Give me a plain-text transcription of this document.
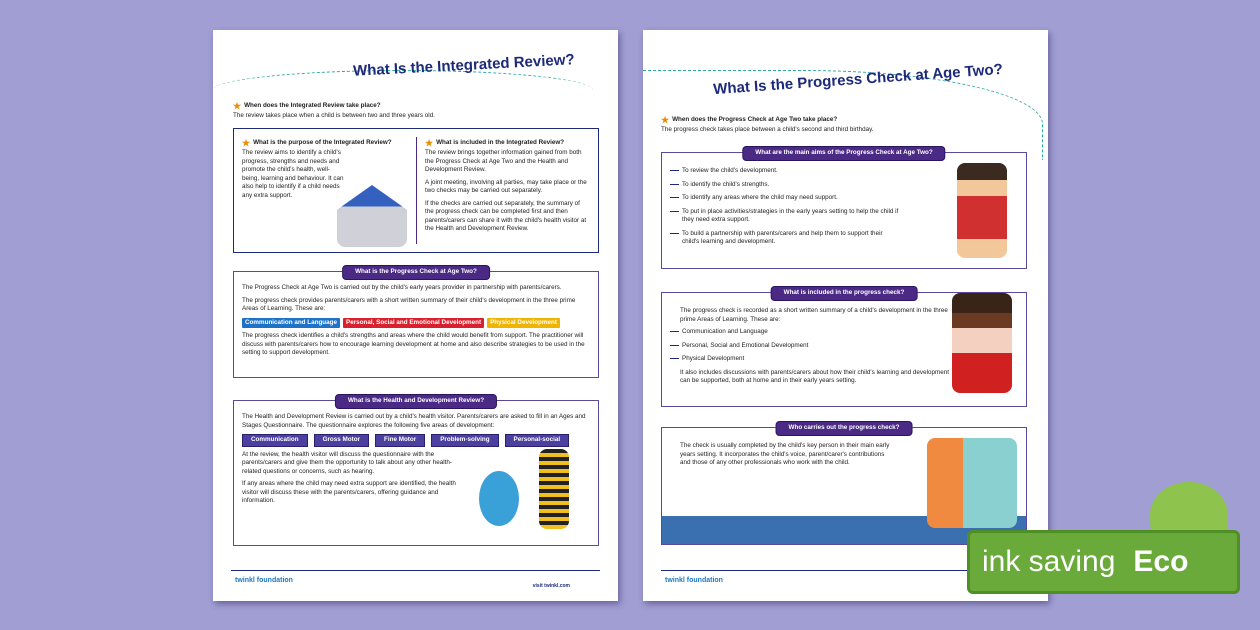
What Is the Integrated Review?
★ When does the Integrated Review take place?
The review takes place when a child is between two and three years old.
★ What is the purpose of the Integrated Review?
The review aims to identify a child's progress, strengths and needs and promote the child's health, well-being, learning and behaviour. It can also help to identify if a child needs any extra support.
★ What is included in the Integrated Review?

The review brings together information gained from both the Progress Check at Age Two and the Health and Development Review.

A joint meeting, involving all parties, may take place or the two checks may be carried out separately.

If the checks are carried out separately, the summary of the progress check can be completed first and then parents/carers can share it with the child's health visitor at the Health and Development Review.

What is the Progress Check at Age Two?

The Progress Check at Age Two is carried out by the child's early years provider in partnership with parents/carers.

The progress check provides parents/carers with a short written summary of their child's development in the three prime Areas of Learning. These are:

Communication and Language Personal, Social and Emotional Development Physical Development

The progress check identifies a child's strengths and areas where the child would benefit from support. The practitioner will discuss with parents/carers how to encourage learning development at home and also describe strategies to be used in the setting to support development.

What is the Health and Development Review?

The Health and Development Review is carried out by a child's health visitor. Parents/carers are asked to fill in an Ages and Stages Questionnaire. The questionnaire explores the following five areas of development:

Communication	Gross Motor	Fine Motor	Problem-solving	Personal-social

At the review, the health visitor will discuss the questionnaire with the parents/carers and give them the opportunity to talk about any other health-related questions or concerns, such as hearing.

If any areas where the child may need extra support are identified, the health visitor will discuss these with the parents/carers, offering guidance and information.

twinkl foundation
visit twinkl.com
What Is the Progress Check at Age Two?
★ When does the Progress Check at Age Two take place?
The progress check takes place between a child's second and third birthday.
What are the main aims of the Progress Check at Age Two?
To review the child's development.
To identify the child's strengths.
To identify any areas where the child may need support.
To put in place activities/strategies in the early years setting to help the child if they need extra support.
To build a partnership with parents/carers and help them to support their child's learning and development.
What is included in the progress check?

The progress check is recorded as a short written summary of a child's development in the three prime Areas of Learning. These are:

Communication and Language
Personal, Social and Emotional Development
Physical Development

It also includes discussions with parents/carers about how their child's learning and development can be supported, both at home and in their early years setting.

Who carries out the progress check?

The check is usually completed by the child's key person in their main early years setting. It incorporates the child's voice, parent/carer's contributions and those of any other professionals who work with the child.

twinkl foundation
ink saving Eco
